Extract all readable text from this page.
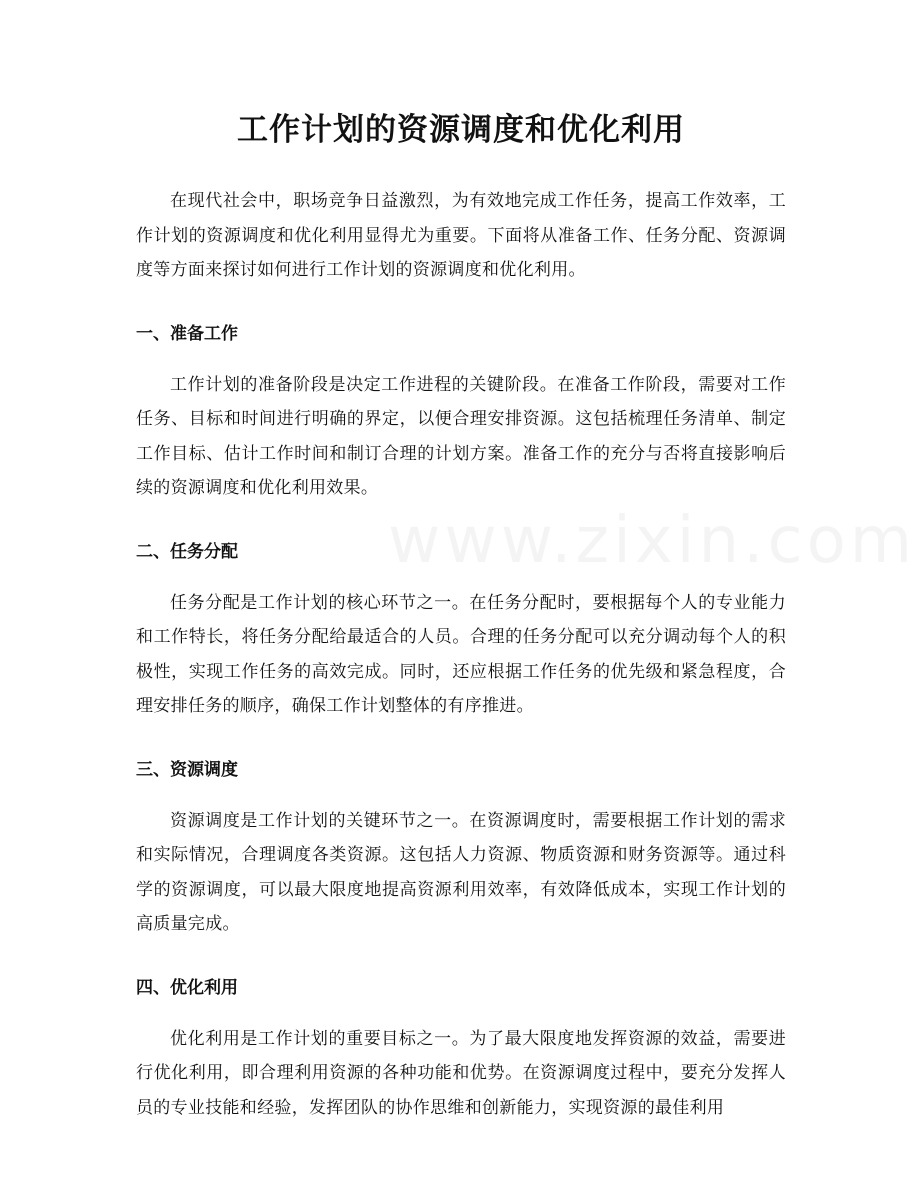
工作计划的资源调度和优化利用

在现代社会中，职场竞争日益激烈，为有效地完成工作任务，提高工作效率，工作计划的资源调度和优化利用显得尤为重要。下面将从准备工作、任务分配、资源调度等方面来探讨如何进行工作计划的资源调度和优化利用。

一、准备工作

工作计划的准备阶段是决定工作进程的关键阶段。在准备工作阶段，需要对工作任务、目标和时间进行明确的界定，以便合理安排资源。这包括梳理任务清单、制定工作目标、估计工作时间和制订合理的计划方案。准备工作的充分与否将直接影响后续的资源调度和优化利用效果。

二、任务分配

任务分配是工作计划的核心环节之一。在任务分配时，要根据每个人的专业能力和工作特长，将任务分配给最适合的人员。合理的任务分配可以充分调动每个人的积极性，实现工作任务的高效完成。同时，还应根据工作任务的优先级和紧急程度，合理安排任务的顺序，确保工作计划整体的有序推进。

三、资源调度

资源调度是工作计划的关键环节之一。在资源调度时，需要根据工作计划的需求和实际情况，合理调度各类资源。这包括人力资源、物质资源和财务资源等。通过科学的资源调度，可以最大限度地提高资源利用效率，有效降低成本，实现工作计划的高质量完成。

四、优化利用

优化利用是工作计划的重要目标之一。为了最大限度地发挥资源的效益，需要进行优化利用，即合理利用资源的各种功能和优势。在资源调度过程中，要充分发挥人员的专业技能和经验，发挥团队的协作思维和创新能力，实现资源的最佳利用
